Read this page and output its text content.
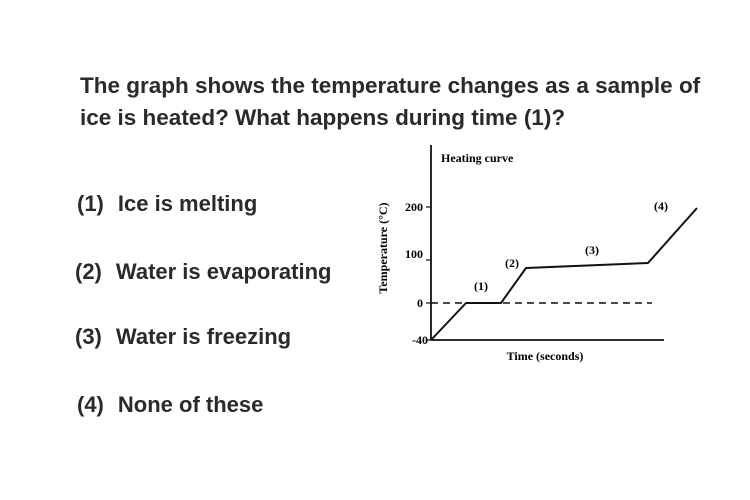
The graph shows the temperature changes as a sample of ice is heated? What happens during time (1)?
(1) Ice is melting
(2) Water is evaporating
(3) Water is freezing
(4) None of these
200
100
0
-40
Temperature (°C)
Heating curve
Time (seconds)
(1)
(2)
(3)
(4)
